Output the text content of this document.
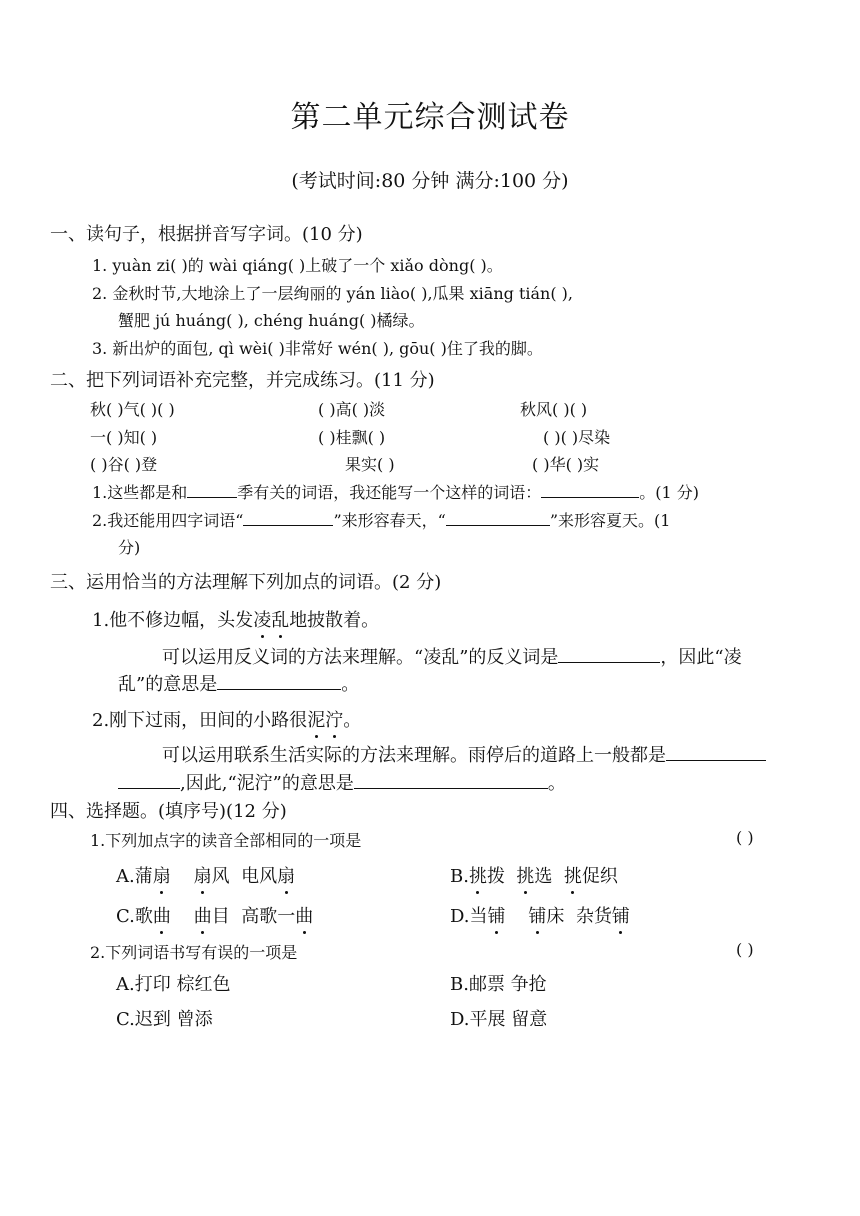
第二单元综合测试卷
(考试时间:80 分钟 满分:100 分)
一、读句子，根据拼音写字词。(10 分)
1. yuàn zi( )的 wài qiáng( )上破了一个 xiǎo dòng( )。
2. 金秋时节,大地涂上了一层绚丽的 yán liào( ),瓜果 xiāng tián( ),
蟹肥 jú huáng( ), chéng huáng( )橘绿。
3. 新出炉的面包, qì wèi( )非常好 wén( ), gōu( )住了我的脚。
二、把下列词语补充完整，并完成练习。(11 分)
秋( )气( )( )	( )高( )淡	秋风( )( )
一( )知( )	( )桂飘( )	( )( )尽染
( )谷( )登	果实( )	( )华( )实
1.这些都是和	季有关的词语，我还能写一个这样的词语：	。(1 分)
2.我还能用四字词语“	”来形容春天，“	”来形容夏天。(1
分)
三、运用恰当的方法理解下列加点的词语。(2 分)
1.他不修边幅，头发凌乱地披散着。
可以运用反义词的方法来理解。“凌乱”的反义词是	，因此“凌
乱”的意思是	。
2.刚下过雨，田间的小路很泥泞。
可以运用联系生活实际的方法来理解。雨停后的道路上一般都是
,因此,“泥泞”的意思是	。
四、选择题。(填序号)(12 分)
1.下列加点字的读音全部相同的一项是	( )
A.蒲扇 扇风  电风扇	B.挑拨  挑选  挑促织
C.歌曲 曲目  高歌一曲	D.当铺 铺床  杂货铺
2.下列词语书写有误的一项是	( )
A.打印 棕红色	B.邮票 争抢
C.迟到 曾添	D.平展 留意
